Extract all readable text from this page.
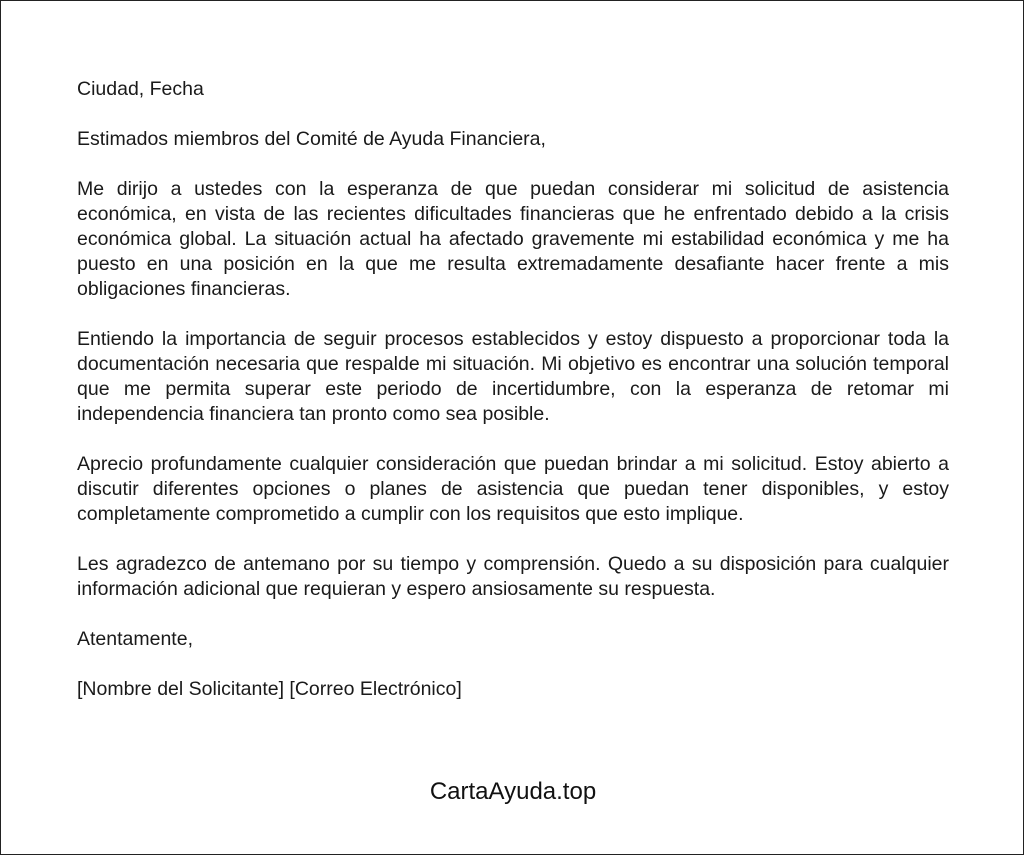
Ciudad, Fecha

Estimados miembros del Comité de Ayuda Financiera,

Me dirijo a ustedes con la esperanza de que puedan considerar mi solicitud de asistencia económica, en vista de las recientes dificultades financieras que he enfrentado debido a la crisis económica global. La situación actual ha afectado gravemente mi estabilidad económica y me ha puesto en una posición en la que me resulta extremadamente desafiante hacer frente a mis obligaciones financieras.

Entiendo la importancia de seguir procesos establecidos y estoy dispuesto a proporcionar toda la documentación necesaria que respalde mi situación. Mi objetivo es encontrar una solución temporal que me permita superar este periodo de incertidumbre, con la esperanza de retomar mi independencia financiera tan pronto como sea posible.

Aprecio profundamente cualquier consideración que puedan brindar a mi solicitud. Estoy abierto a discutir diferentes opciones o planes de asistencia que puedan tener disponibles, y estoy completamente comprometido a cumplir con los requisitos que esto implique.

Les agradezco de antemano por su tiempo y comprensión. Quedo a su disposición para cualquier información adicional que requieran y espero ansiosamente su respuesta.

Atentamente,

[Nombre del Solicitante] [Correo Electrónico]

CartaAyuda.top
